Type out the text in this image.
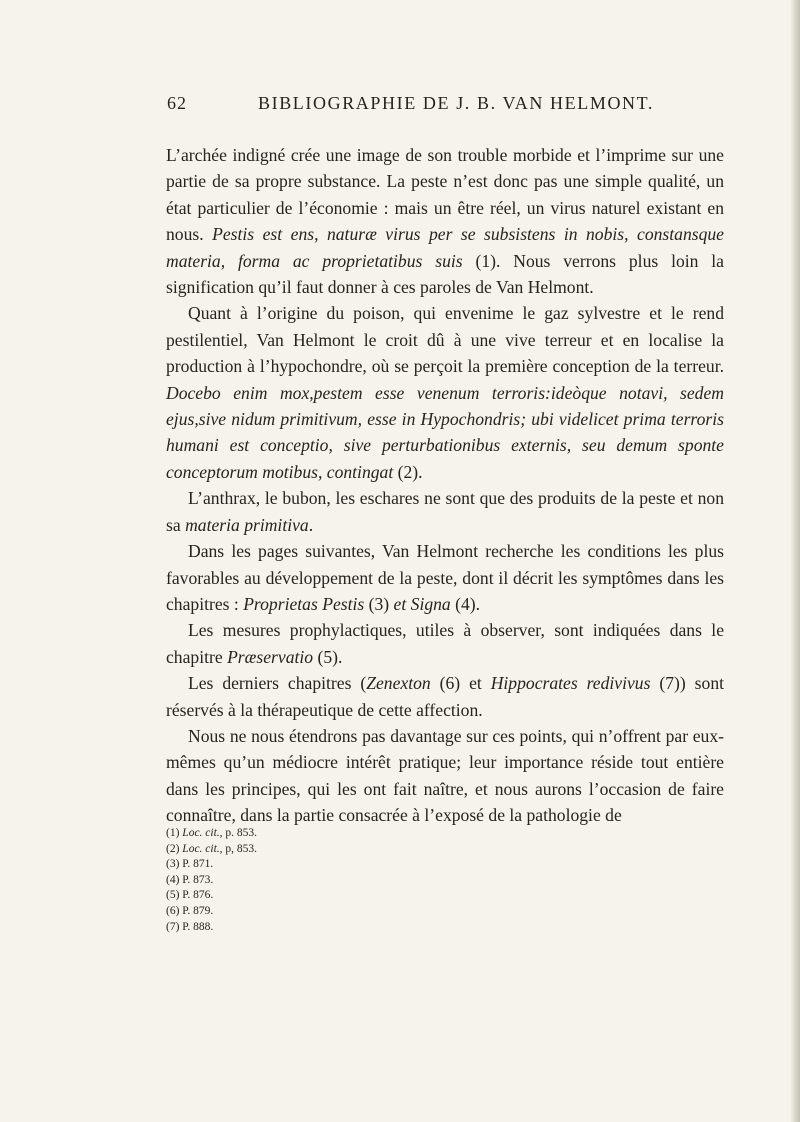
62	BIBLIOGRAPHIE DE J. B. VAN HELMONT.

L’archée indigné crée une image de son trouble morbide et l’imprime sur une partie de sa propre substance. La peste n’est donc pas une simple qualité, un état particulier de l’économie : mais un être réel, un virus naturel existant en nous. Pestis est ens, naturæ virus per se subsistens in nobis, constansque materia, forma ac proprietatibus suis (1). Nous verrons plus loin la signification qu’il faut donner à ces paroles de Van Helmont.

Quant à l’origine du poison, qui envenime le gaz sylvestre et le rend pestilentiel, Van Helmont le croit dû à une vive terreur et en localise la production à l’hypochondre, où se perçoit la première conception de la terreur. Docebo enim mox,pestem esse venenum terroris:ideòque notavi, sedem ejus,sive nidum primitivum, esse in Hypochondris; ubi videlicet prima terroris humani est conceptio, sive perturbationibus externis, seu demum sponte conceptorum motibus, contingat (2).

L’anthrax, le bubon, les eschares ne sont que des produits de la peste et non sa materia primitiva.

Dans les pages suivantes, Van Helmont recherche les conditions les plus favorables au développement de la peste, dont il décrit les symptômes dans les chapitres : Proprietas Pestis (3) et Signa (4).

Les mesures prophylactiques, utiles à observer, sont indiquées dans le chapitre Præservatio (5).

Les derniers chapitres (Zenexton (6) et Hippocrates redivivus (7)) sont réservés à la thérapeutique de cette affection.

Nous ne nous étendrons pas davantage sur ces points, qui n’offrent par eux-mêmes qu’un médiocre intérêt pratique; leur importance réside tout entière dans les principes, qui les ont fait naître, et nous aurons l’occasion de faire connaître, dans la partie consacrée à l’exposé de la pathologie de

(1) Loc. cit., p. 853.
(2) Loc. cit., p, 853.
(3) P. 871.
(4) P. 873.
(5) P. 876.
(6) P. 879.
(7) P. 888.
